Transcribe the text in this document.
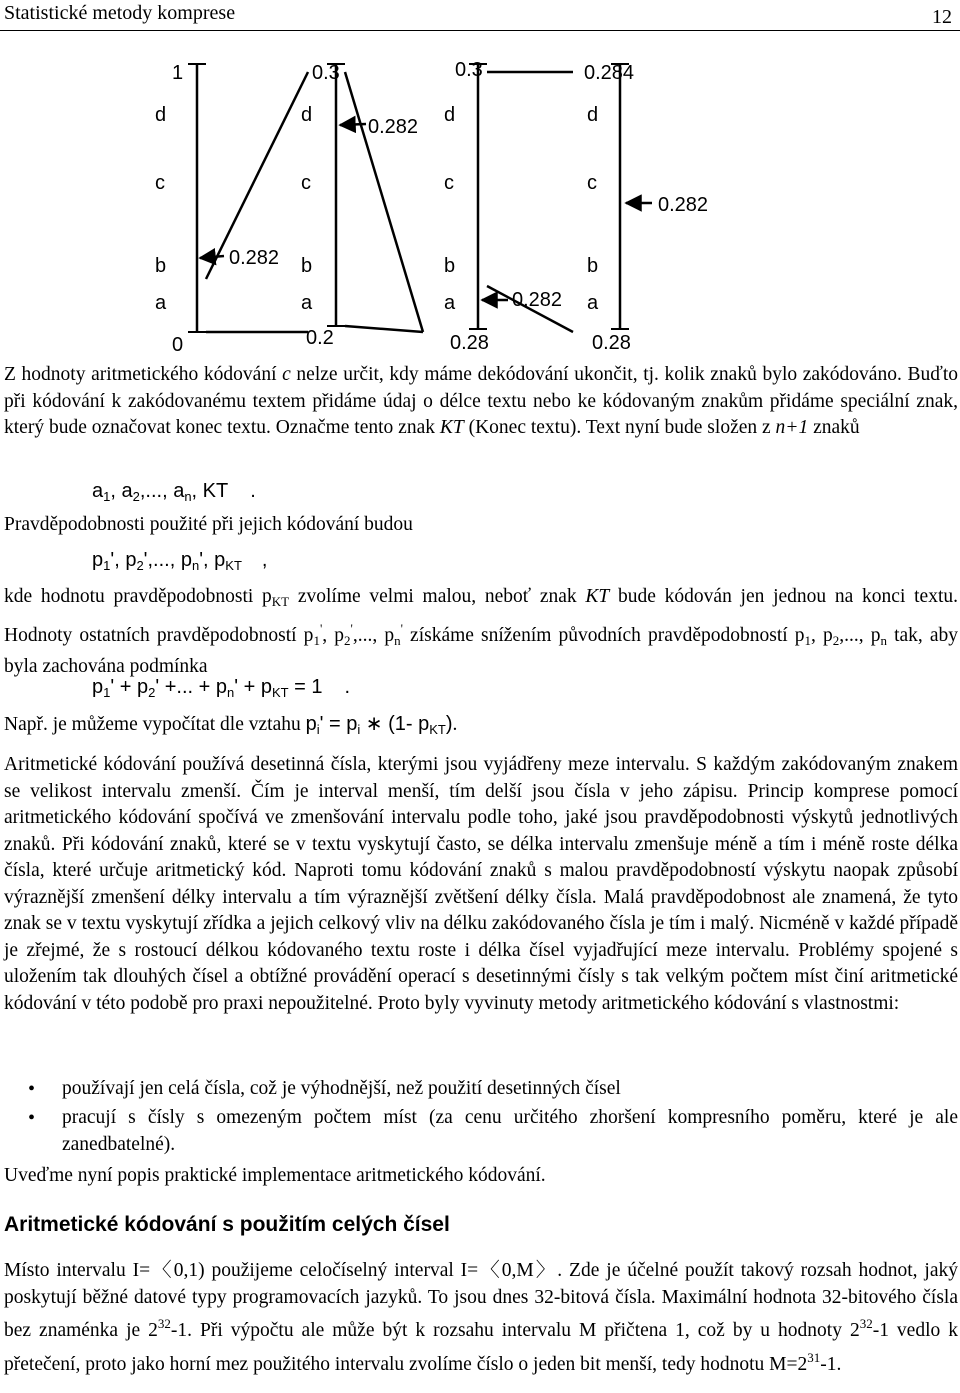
Statistické metody komprese	12
1	0.3	0.3	0.284
0	0.2	0.28	0.28
d
c
b
a
d
c
b
a
d
c
b
a
d
c
b
a
0.282
0.282
0.282
0.282
Z hodnoty aritmetického kódování c nelze určit, kdy máme dekódování ukončit, tj. kolik znaků bylo zakódováno. Buďto při kódování k zakódovanému textem přidáme údaj o délce textu nebo ke kódovaným znakům přidáme speciální znak, který bude označovat konec textu. Označme tento znak KT (Konec textu). Text nyní bude složen z n+1 znaků
$a_1$, $a_2$,..., $a_n$, KT .
Pravděpodobnosti použité při jejich kódování budou
$p_1'$, $p_2'$,..., $p_n'$, $p_{KT}$ ,
kde hodnotu pravděpodobnosti $p_{KT}$ zvolíme velmi malou, neboť znak KT bude kódován jen jednou na konci textu. Hodnoty ostatních pravděpodobností $p_1'$, $p_2'$,..., $p_n'$ získáme snížením původních pravděpodobností $p_1$, $p_2$,..., $p_n$ tak, aby byla zachována podmínka
$p_1' + p_2'$ +... + $p_n' + p_{KT} = 1$ .
Např. je můžeme vypočítat dle vztahu $p_i' = p_i$ ∗ (1- $p_{KT}$).
Aritmetické kódování používá desetinná čísla, kterými jsou vyjádřeny meze intervalu. S každým zakódovaným znakem se velikost intervalu zmenší. Čím je interval menší, tím delší jsou čísla v jeho zápisu. Princip komprese pomocí aritmetického kódování spočívá ve zmenšování intervalu podle toho, jaké jsou pravděpodobnosti výskytů jednotlivých znaků. Při kódování znaků, které se v textu vyskytují často, se délka intervalu zmenšuje méně a tím i méně roste délka čísla, které určuje aritmetický kód. Naproti tomu kódování znaků s malou pravděpodobností výskytu naopak způsobí výraznější zmenšení délky intervalu a tím výraznější zvětšení délky čísla. Malá pravděpodobnost ale znamená, že tyto znak se v textu vyskytují zřídka a jejich celkový vliv na délku zakódovaného čísla je tím i malý. Nicméně v každé případě je zřejmé, že s rostoucí délkou kódovaného textu roste i délka čísel vyjadřující meze intervalu. Problémy spojené s uložením tak dlouhých čísel a obtížné provádění operací s desetinnými čísly s tak velkým počtem míst činí aritmetické kódování v této podobě pro praxi nepoužitelné. Proto byly vyvinuty metody aritmetického kódování s vlastnostmi:
• používají jen celá čísla, což je výhodnější, než použití desetinných čísel
• pracují s čísly s omezeným počtem míst (za cenu určitého zhoršení kompresního poměru, které je ale zanedbatelné).
Uveďme nyní popis praktické implementace aritmetického kódování.
Aritmetické kódování s použitím celých čísel
Místo intervalu I=〈0,1) použijeme celočíselný interval I=〈0,M〉. Zde je účelné použít takový rozsah hodnot, jaký poskytují běžné datové typy programovacích jazyků. To jsou dnes 32-bitová čísla. Maximální hodnota 32-bitového čísla bez znaménka je $2^{32}-1$. Při výpočtu ale může být k rozsahu intervalu M přičtena 1, což by u hodnoty $2^{32}-1$ vedlo k přetečení, proto jako horní mez použitého intervalu zvolíme číslo o jeden bit menší, tedy hodnotu $M=2^{31}-1$.
